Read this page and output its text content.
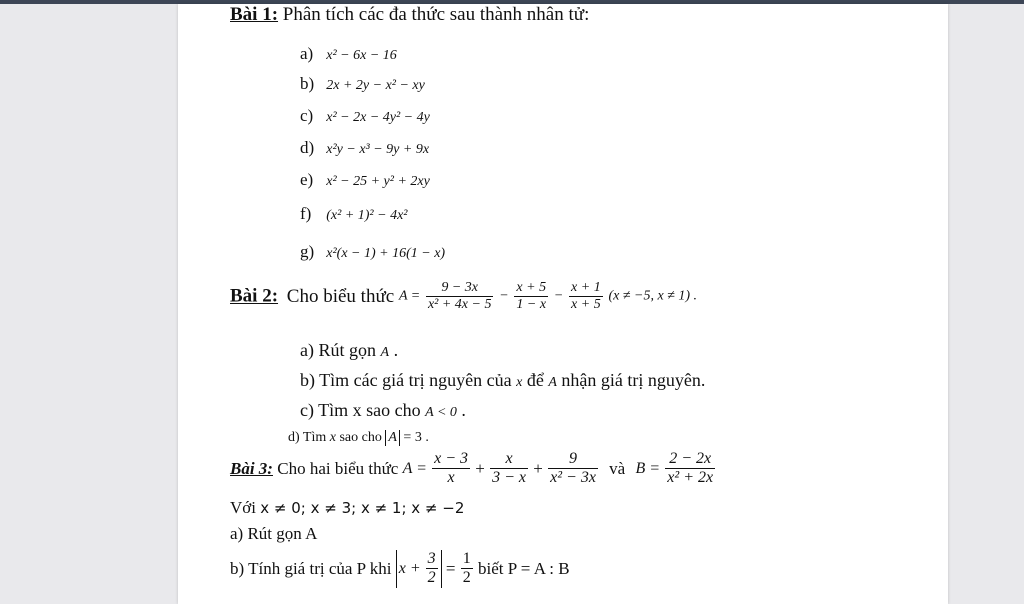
Bài 1: Phân tích các đa thức sau thành nhân tử:
a) x² − 6x − 16
b) 2x + 2y − x² − xy
c) x² − 2x − 4y² − 4y
d) x²y − x³ − 9y + 9x
e) x² − 25 + y² + 2xy
f) (x² + 1)² − 4x²
g) x²(x − 1) + 16(1 − x)
Bài 2: Cho biểu thức $A = \frac{9 - 3x}{\text{x² + 4x − 5}} - \frac{x + 5}{1 - x} - \frac{x + 1}{x + 5} (x \ne -5$, x ≠ 1) .
a) Rút gọn A .
b) Tìm các giá trị nguyên của x để A nhận giá trị nguyên.
c) Tìm x sao cho A < 0 .
d) Tìm x sao cho A = 3 .
Bài 3: Cho hai biểu thức $A = \frac{x - 3}{x} + \frac{x}{3 - x} + \frac{9}{\text{x² − 3x}}$ và $B = \frac{2 - 2x}{\text{x² + 2x}}$
Với x ≠ 0; x ≠ 3; x ≠ 1; x ≠ −2
a) Rút gọn A
b) Tính giá trị của P khi $x + \frac{3}{2} = \frac{1}{2}$ biết P = A : B
